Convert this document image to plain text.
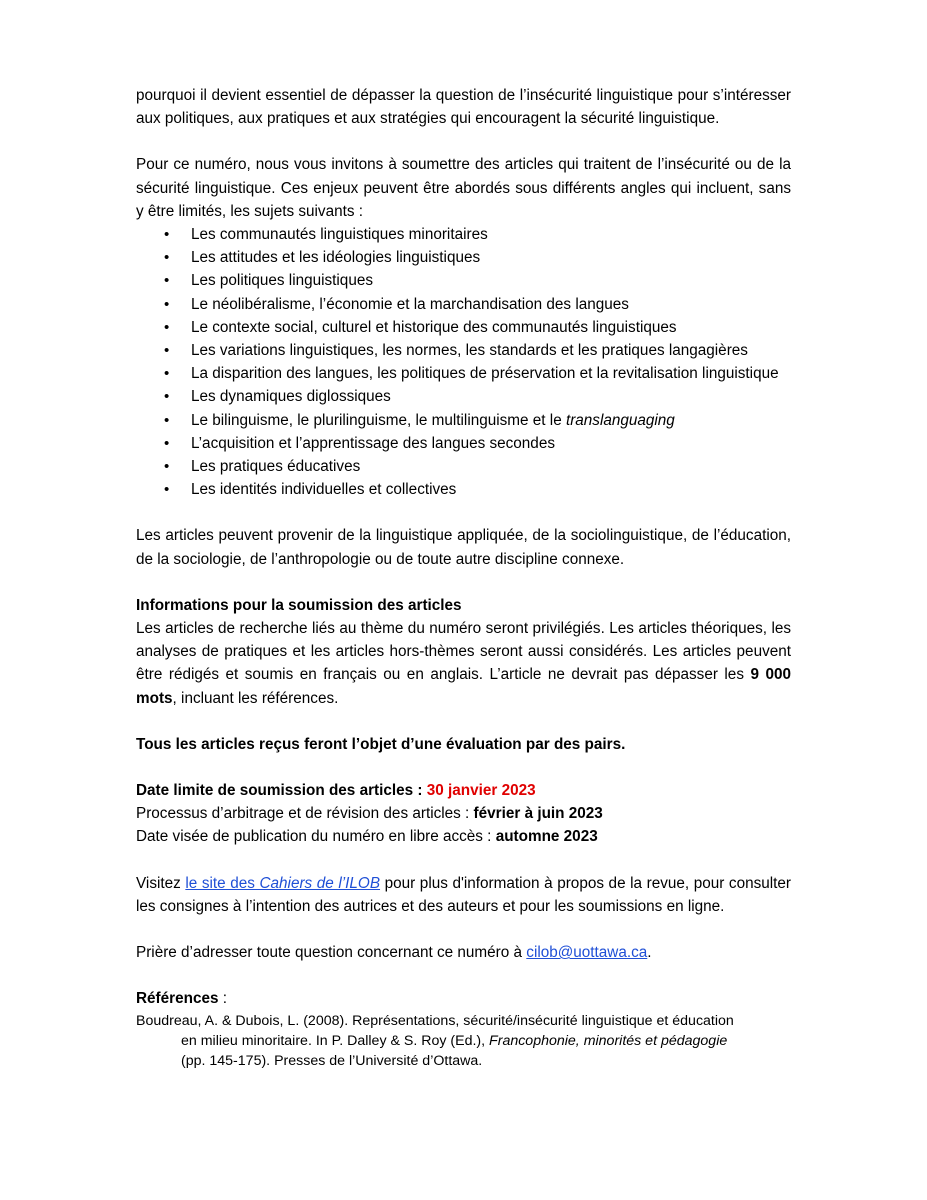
pourquoi il devient essentiel de dépasser la question de l’insécurité linguistique pour s’intéresser aux politiques, aux pratiques et aux stratégies qui encouragent la sécurité linguistique.

Pour ce numéro, nous vous invitons à soumettre des articles qui traitent de l’insécurité ou de la sécurité linguistique. Ces enjeux peuvent être abordés sous différents angles qui incluent, sans y être limités, les sujets suivants :

• Les communautés linguistiques minoritaires
• Les attitudes et les idéologies linguistiques
• Les politiques linguistiques
• Le néolibéralisme, l’économie et la marchandisation des langues
• Le contexte social, culturel et historique des communautés linguistiques
• Les variations linguistiques, les normes, les standards et les pratiques langagières
• La disparition des langues, les politiques de préservation et la revitalisation linguistique
• Les dynamiques diglossiques
• Le bilinguisme, le plurilinguisme, le multilinguisme et le translanguaging
• L’acquisition et l’apprentissage des langues secondes
• Les pratiques éducatives
• Les identités individuelles et collectives

Les articles peuvent provenir de la linguistique appliquée, de la sociolinguistique, de l’éducation, de la sociologie, de l’anthropologie ou de toute autre discipline connexe.

Informations pour la soumission des articles

Les articles de recherche liés au thème du numéro seront privilégiés. Les articles théoriques, les analyses de pratiques et les articles hors-thèmes seront aussi considérés. Les articles peuvent être rédigés et soumis en français ou en anglais. L’article ne devrait pas dépasser les 9 000 mots, incluant les références.

Tous les articles reçus feront l’objet d’une évaluation par des pairs.

Date limite de soumission des articles : 30 janvier 2023
Processus d’arbitrage et de révision des articles : février à juin 2023
Date visée de publication du numéro en libre accès : automne 2023

Visitez le site des Cahiers de l’ILOB pour plus d'information à propos de la revue, pour consulter les consignes à l’intention des autrices et des auteurs et pour les soumissions en ligne.

Prière d’adresser toute question concernant ce numéro à cilob@uottawa.ca.

Références :

Boudreau, A. & Dubois, L. (2008). Représentations, sécurité/insécurité linguistique et éducation
en milieu minoritaire. In P. Dalley & S. Roy (Ed.), Francophonie, minorités et pédagogie
(pp. 145-175). Presses de l’Université d’Ottawa.
